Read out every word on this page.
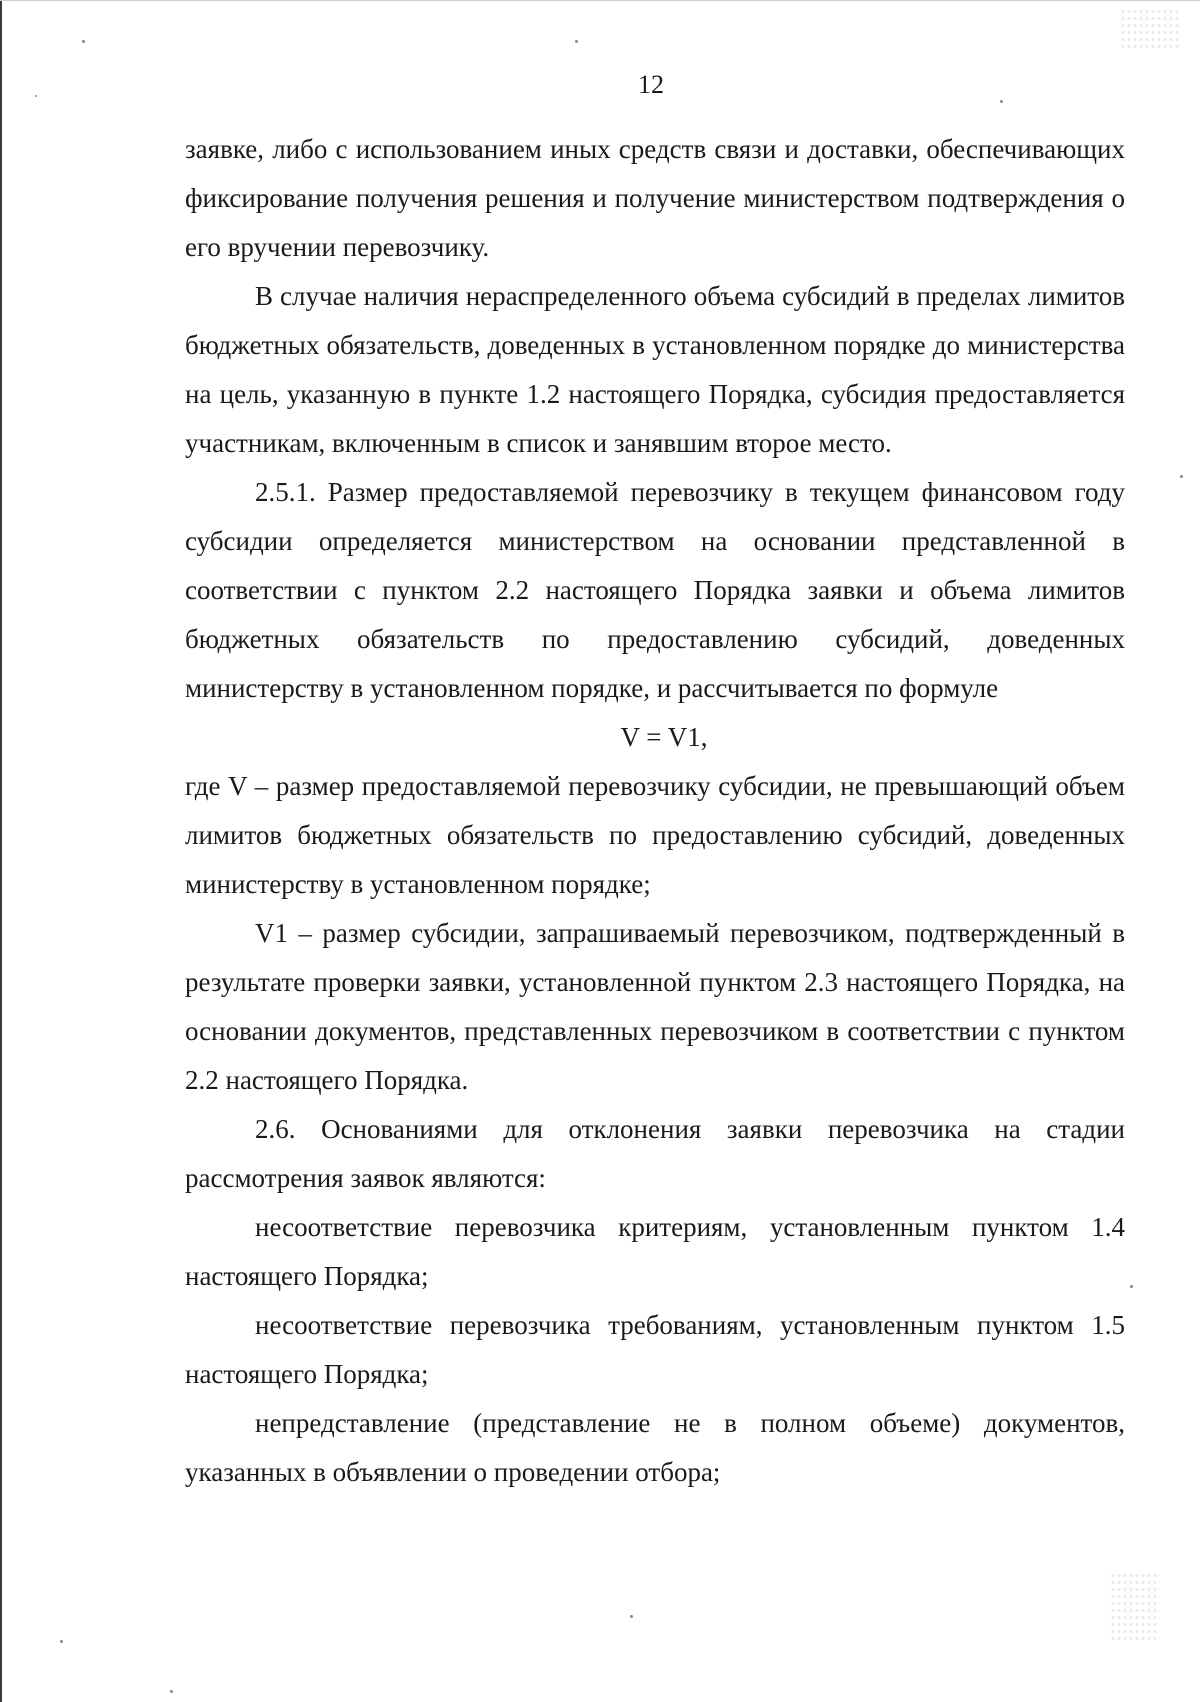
12

заявке, либо с использованием иных средств связи и доставки, обеспечивающих фиксирование получения решения и получение министерством подтверждения о его вручении перевозчику.

В случае наличия нераспределенного объема субсидий в пределах лимитов бюджетных обязательств, доведенных в установленном порядке до министерства на цель, указанную в пункте 1.2 настоящего Порядка, субсидия предоставляется участникам, включенным в список и занявшим второе место.

2.5.1. Размер предоставляемой перевозчику в текущем финансовом году субсидии определяется министерством на основании представленной в соответствии с пунктом 2.2 настоящего Порядка заявки и объема лимитов бюджетных обязательств по предоставлению субсидий, доведенных министерству в установленном порядке, и рассчитывается по формуле

V = V1,

где V – размер предоставляемой перевозчику субсидии, не превышающий объем лимитов бюджетных обязательств по предоставлению субсидий, доведенных министерству в установленном порядке;

V1 – размер субсидии, запрашиваемый перевозчиком, подтвержденный в результате проверки заявки, установленной пунктом 2.3 настоящего Порядка, на основании документов, представленных перевозчиком в соответствии с пунктом 2.2 настоящего Порядка.

2.6. Основаниями для отклонения заявки перевозчика на стадии рассмотрения заявок являются:

несоответствие перевозчика критериям, установленным пунктом 1.4 настоящего Порядка;

несоответствие перевозчика требованиям, установленным пунктом 1.5 настоящего Порядка;

непредставление (представление не в полном объеме) документов, указанных в объявлении о проведении отбора;
